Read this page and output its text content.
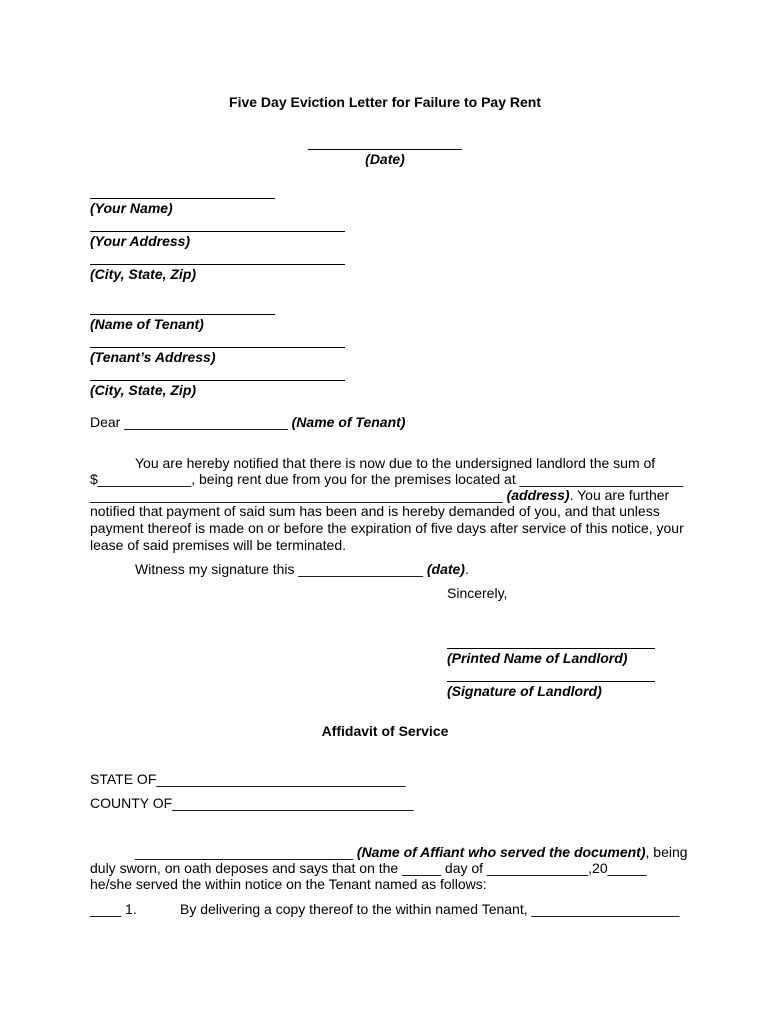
Five Day Eviction Letter for Failure to Pay Rent
(Date)
(Your Name)
(Your Address)
(City, State, Zip)
(Name of Tenant)
(Tenant’s Address)
(City, State, Zip)
Dear _____________________ (Name of Tenant)
You are hereby notified that there is now due to the undersigned landlord the sum of
$____________, being rent due from you for the premises located at _____________________
_____________________________________________________ (address). You are further
notified that payment of said sum has been and is hereby demanded of you, and that unless
payment thereof is made on or before the expiration of five days after service of this notice, your
lease of said premises will be terminated.
Witness my signature this ________________ (date).
Sincerely,
(Printed Name of Landlord)
(Signature of Landlord)
Affidavit of Service
STATE OF________________________________
COUNTY OF_______________________________
____________________________ (Name of Affiant who served the document), being
duly sworn, on oath deposes and says that on the _____ day of _____________,20_____
he/she served the within notice on the Tenant named as follows:
____ 1.	By delivering a copy thereof to the within named Tenant, ___________________
